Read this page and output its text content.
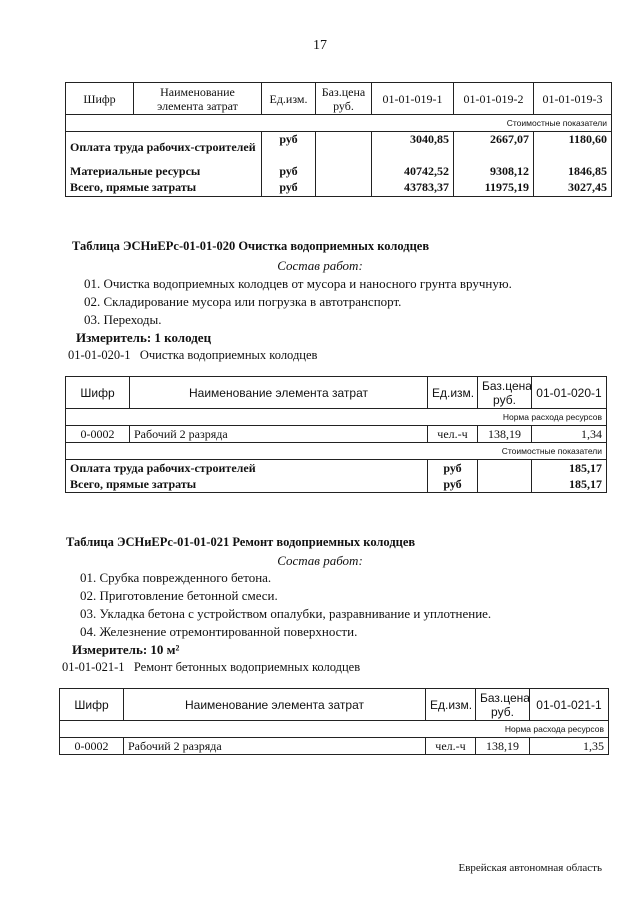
17
Шифр	Наименование элемента затрат	Ед.изм.	Баз.цена руб.	01-01-019-1	01-01-019-2	01-01-019-3
Стоимостные показатели						
Оплата труда рабочих-строителей		руб		3040,85	2667,07	1180,60
Материальные ресурсы		руб		40742,52	9308,12	1846,85
Всего, прямые затраты		руб		43783,37	11975,19	3027,45
Таблица ЭСНиЕРс-01-01-020 Очистка водоприемных колодцев
Состав работ:
01. Очистка водоприемных колодцев от мусора и наносного грунта вручную.
02. Складирование мусора или погрузка в автотранспорт.
03. Переходы.
Измеритель: 1 колодец
01-01-020-1   Очистка водоприемных колодцев
Шифр	Наименование элемента затрат	Ед.изм.	Баз.цена руб.	01-01-020-1
Норма расхода ресурсов				
0-0002	Рабочий 2 разряда	чел.-ч	138,19	1,34
Стоимостные показатели				
Оплата труда рабочих-строителей		руб		185,17
Всего, прямые затраты		руб		185,17
Таблица ЭСНиЕРс-01-01-021 Ремонт водоприемных колодцев
Состав работ:
01. Срубка поврежденного бетона.
02. Приготовление бетонной смеси.
03. Укладка бетона с устройством опалубки, разравнивание и уплотнение.
04. Железнение отремонтированной поверхности.
Измеритель: 10 м²
01-01-021-1   Ремонт бетонных водоприемных колодцев
Шифр	Наименование элемента затрат	Ед.изм.	Баз.цена руб.	01-01-021-1
Норма расхода ресурсов				
0-0002	Рабочий 2 разряда	чел.-ч	138,19	1,35
Еврейская автономная область
